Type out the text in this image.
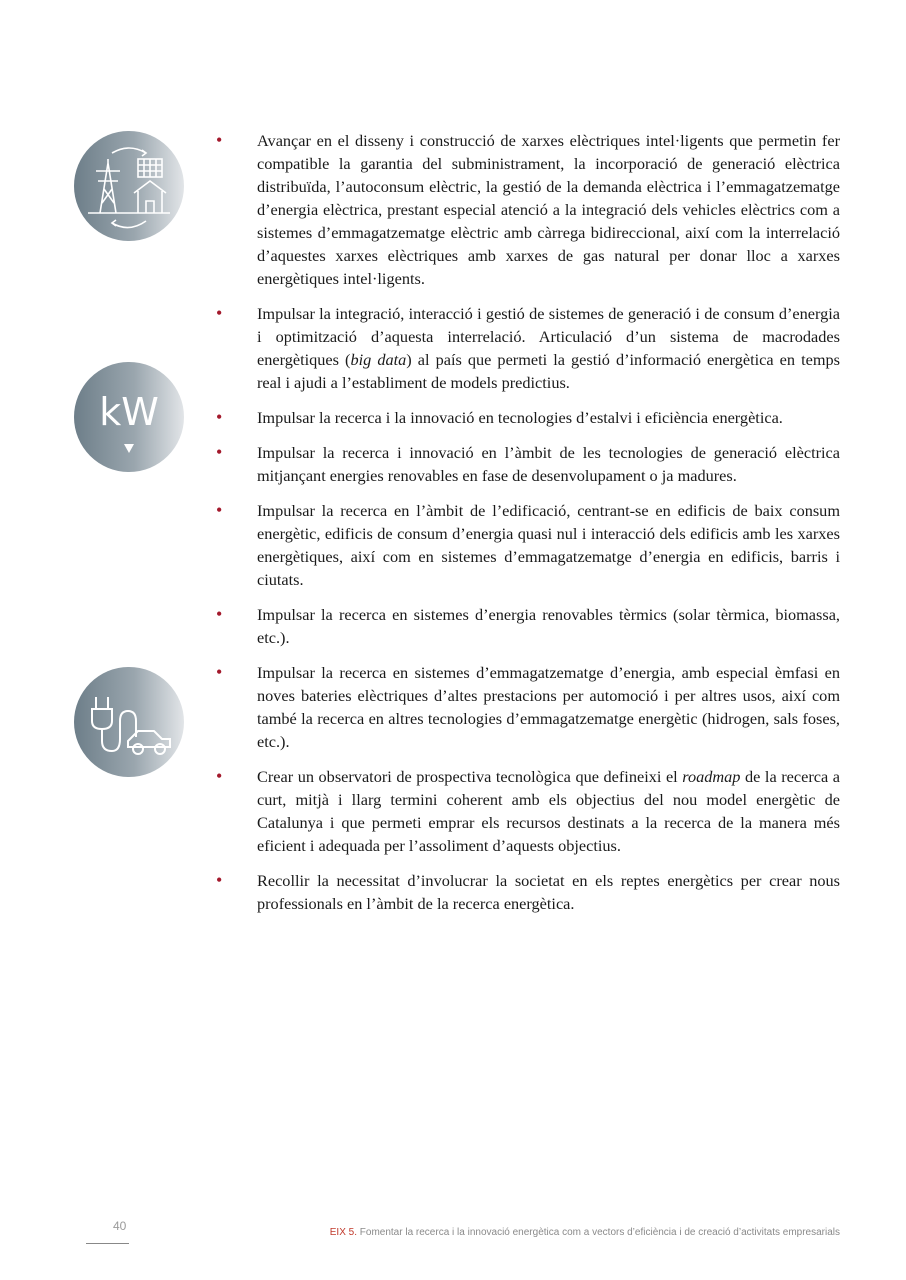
kW
• Avançar en el disseny i construcció de xarxes elèctriques intel·ligents que permetin fer compatible la garantia del subministrament, la incorporació de generació elèctrica distribuïda, l’autoconsum elèctric, la gestió de la demanda elèctrica i l’emmagatzematge d’energia elèctrica, prestant especial atenció a la integració dels vehicles elèctrics com a sistemes d’emmagatzematge elèctric amb càrrega bidireccional, així com la interrelació d’aquestes xarxes elèctriques amb xarxes de gas natural per donar lloc a xarxes energètiques intel·ligents.
• Impulsar la integració, interacció i gestió de sistemes de generació i de consum d’energia i optimització d’aquesta interrelació. Articulació d’un sistema de macrodades energètiques (big data) al país que permeti la gestió d’informació energètica en temps real i ajudi a l’establiment de models predictius.
• Impulsar la recerca i la innovació en tecnologies d’estalvi i eficiència energètica.
• Impulsar la recerca i innovació en l’àmbit de les tecnologies de generació elèctrica mitjançant energies renovables en fase de desenvolupament o ja madures.
• Impulsar la recerca en l’àmbit de l’edificació, centrant-se en edificis de baix consum energètic, edificis de consum d’energia quasi nul i interacció dels edificis amb les xarxes energètiques, així com en sistemes d’emmagatzematge d’energia en edificis, barris i ciutats.
• Impulsar la recerca en sistemes d’energia renovables tèrmics (solar tèrmica, biomassa, etc.).
• Impulsar la recerca en sistemes d’emmagatzematge d’energia, amb especial èmfasi en noves bateries elèctriques d’altes prestacions per automoció i per altres usos, així com també la recerca en altres tecnologies d’emmagatzematge energètic (hidrogen, sals foses, etc.).
• Crear un observatori de prospectiva tecnològica que defineixi el roadmap de la recerca a curt, mitjà i llarg termini coherent amb els objectius del nou model energètic de Catalunya i que permeti emprar els recursos destinats a la recerca de la manera més eficient i adequada per l’assoliment d’aquests objectius.
• Recollir la necessitat d’involucrar la societat en els reptes energètics per crear nous professionals en l’àmbit de la recerca energètica.
40	EIX 5. Fomentar la recerca i la innovació energètica com a vectors d’eficiència i de creació d’activitats empresarials
